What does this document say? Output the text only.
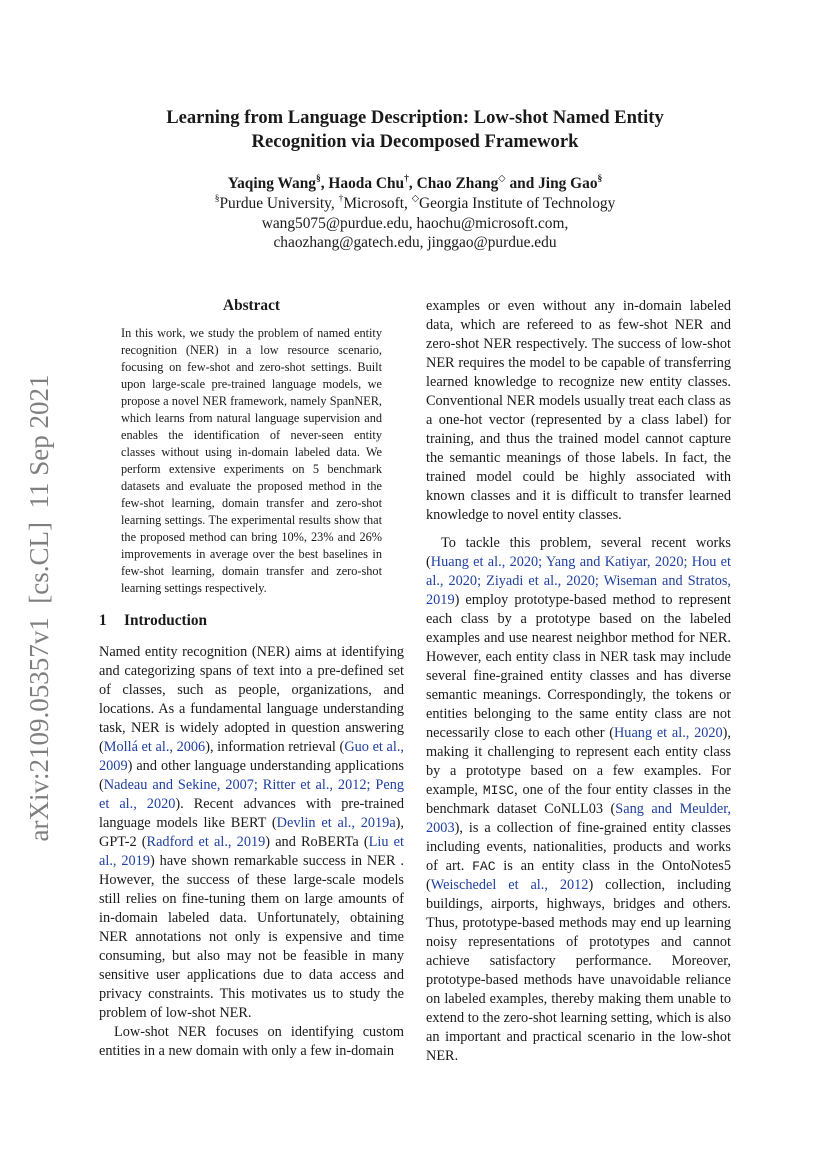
arXiv:2109.05357v1  [cs.CL]  11 Sep 2021
Learning from Language Description: Low-shot Named Entity
Recognition via Decomposed Framework
Yaqing Wang§, Haoda Chu†, Chao Zhang◇ and Jing Gao§
§Purdue University, †Microsoft, ◇Georgia Institute of Technology
wang5075@purdue.edu, haochu@microsoft.com,
chaozhang@gatech.edu, jinggao@purdue.edu
Abstract
In this work, we study the problem of named entity recognition (NER) in a low resource scenario, focusing on few-shot and zero-shot settings. Built upon large-scale pre-trained language models, we propose a novel NER framework, namely SpanNER, which learns from natural language supervision and enables the identification of never-seen entity classes without using in-domain labeled data. We perform extensive experiments on 5 benchmark datasets and evaluate the proposed method in the few-shot learning, domain transfer and zero-shot learning settings. The experimental results show that the proposed method can bring 10%, 23% and 26% improvements in average over the best baselines in few-shot learning, domain transfer and zero-shot learning settings respectively.
1 Introduction

Named entity recognition (NER) aims at identifying and categorizing spans of text into a pre-defined set of classes, such as people, organizations, and locations. As a fundamental language understanding task, NER is widely adopted in question answering (Mollá et al., 2006), information retrieval (Guo et al., 2009) and other language understanding applications (Nadeau and Sekine, 2007; Ritter et al., 2012; Peng et al., 2020). Recent advances with pre-trained language models like BERT (Devlin et al., 2019a), GPT-2 (Radford et al., 2019) and RoBERTa (Liu et al., 2019) have shown remarkable success in NER . However, the success of these large-scale models still relies on fine-tuning them on large amounts of in-domain labeled data. Unfortunately, obtaining NER annotations not only is expensive and time consuming, but also may not be feasible in many sensitive user applications due to data access and privacy constraints. This motivates us to study the problem of low-shot NER.

Low-shot NER focuses on identifying custom entities in a new domain with only a few in-domain

examples or even without any in-domain labeled data, which are refereed to as few-shot NER and zero-shot NER respectively. The success of low-shot NER requires the model to be capable of transferring learned knowledge to recognize new entity classes. Conventional NER models usually treat each class as a one-hot vector (represented by a class label) for training, and thus the trained model cannot capture the semantic meanings of those labels. In fact, the trained model could be highly associated with known classes and it is difficult to transfer learned knowledge to novel entity classes.

To tackle this problem, several recent works (Huang et al., 2020; Yang and Katiyar, 2020; Hou et al., 2020; Ziyadi et al., 2020; Wiseman and Stratos, 2019) employ prototype-based method to represent each class by a prototype based on the labeled examples and use nearest neighbor method for NER. However, each entity class in NER task may include several fine-grained entity classes and has diverse semantic meanings. Correspondingly, the tokens or entities belonging to the same entity class are not necessarily close to each other (Huang et al., 2020), making it challenging to represent each entity class by a prototype based on a few examples. For example, MISC, one of the four entity classes in the benchmark dataset CoNLL03 (Sang and Meulder, 2003), is a collection of fine-grained entity classes including events, nationalities, products and works of art. FAC is an entity class in the OntoNotes5 (Weischedel et al., 2012) collection, including buildings, airports, highways, bridges and others. Thus, prototype-based methods may end up learning noisy representations of prototypes and cannot achieve satisfactory performance. Moreover, prototype-based methods have unavoidable reliance on labeled examples, thereby making them unable to extend to the zero-shot learning setting, which is also an important and practical scenario in the low-shot NER.
